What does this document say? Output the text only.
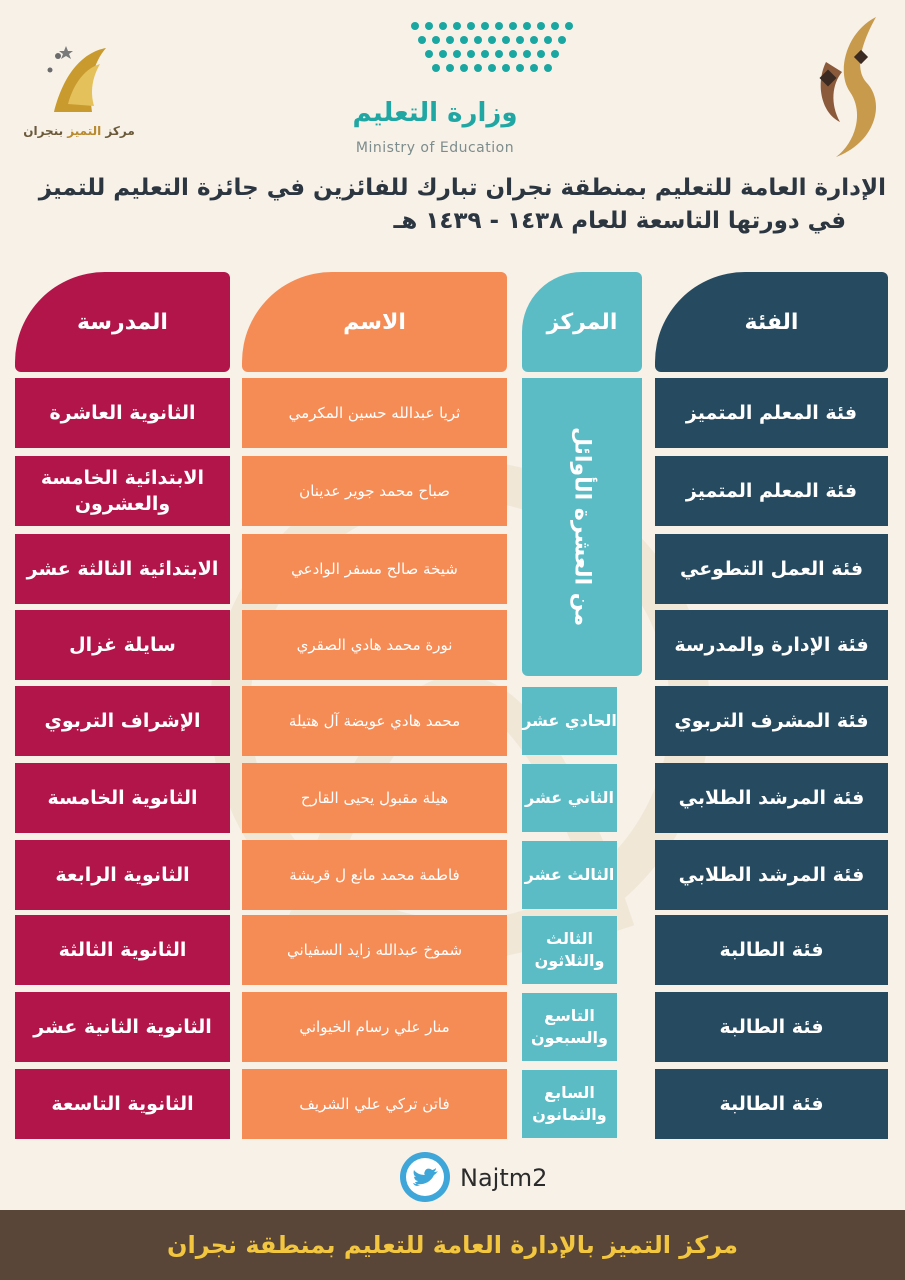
مركز التميز بنجران
وزارة التعليم
Ministry of Education
الإدارة العامة للتعليم بمنطقة نجران تبارك للفائزين في جائزة التعليم للتميز
في دورتها التاسعة للعام ١٤٣٨ - ١٤٣٩ هـ
الفئة
المركز
الاسم
المدرسة
من العشرة الأوائل
فئة المعلم المتميز
ثريا عبدالله حسين المكرمي
الثانوية العاشرة
فئة المعلم المتميز
صباح محمد جوير عدينان
الابتدائية الخامسة والعشرون
فئة العمل التطوعي
شيخة صالح مسفر الوادعي
الابتدائية الثالثة عشر
فئة الإدارة والمدرسة
نورة محمد هادي الصقري
سايلة غزال
فئة المشرف التربوي
الحادي عشر
محمد هادي عويضة آل هتيلة
الإشراف التربوي
فئة المرشد الطلابي
الثاني عشر
هيلة مقبول يحيى القارح
الثانوية الخامسة
فئة المرشد الطلابي
الثالث عشر
فاطمة محمد مانع ل قريشة
الثانوية الرابعة
فئة الطالبة
الثالث والثلاثون
شموخ عبدالله زايد السفياني
الثانوية الثالثة
فئة الطالبة
التاسع والسبعون
منار علي رسام الخيواني
الثانوية الثانية عشر
فئة الطالبة
السابع والثمانون
فاتن تركي علي الشريف
الثانوية التاسعة
Najtm2
مركز التميز بالإدارة العامة للتعليم بمنطقة نجران
